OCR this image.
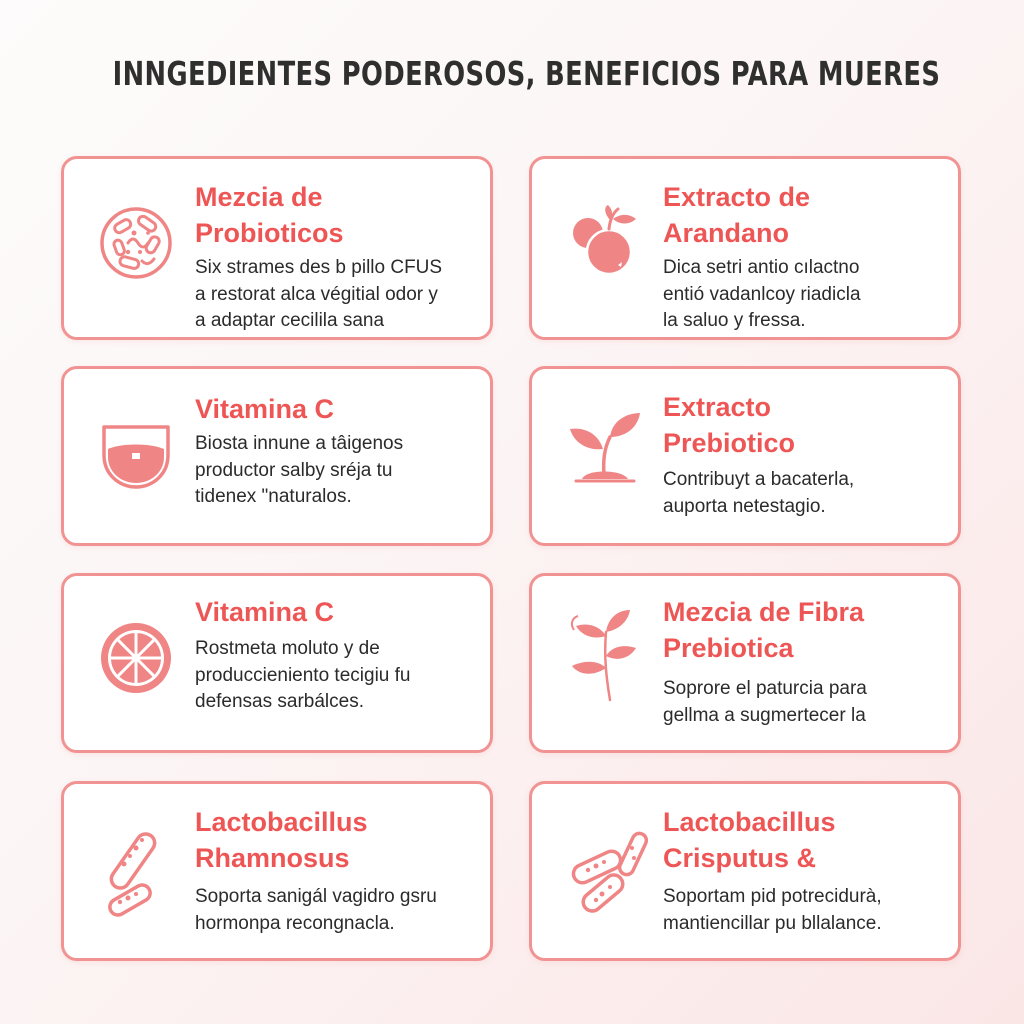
INNGEDIENTES PODEROSOS, BENEFICIOS PARA MUERES
Mezcia de
Probioticos
Six strames des b pillo CFUS
a restorat alca végitial odor y
a adaptar cecilila sana
Extracto de
Arandano
Dica setri antio cılactno
entió vadanlcoy riadicla
la saluo y fressa.
Vitamina C
Biosta innune a tâigenos
productor salby sréja tu
tidenex "naturalos.
Extracto
Prebiotico
Contribuyt a bacaterla,
auporta netestagio.
Vitamina C
Rostmeta moluto y de
produccieniento tecigiu fu
defensas sarbálces.
Mezcia de Fibra
Prebiotica
Soprore el paturcia para
gellma a sugmertecer la
Lactobacillus
Rhamnosus
Soporta sanigál vagidro gsru
hormonpa recongnacla.
Lactobacillus
Crisputus &
Soportam pid potrecidurà,
mantiencillar pu bllalance.
